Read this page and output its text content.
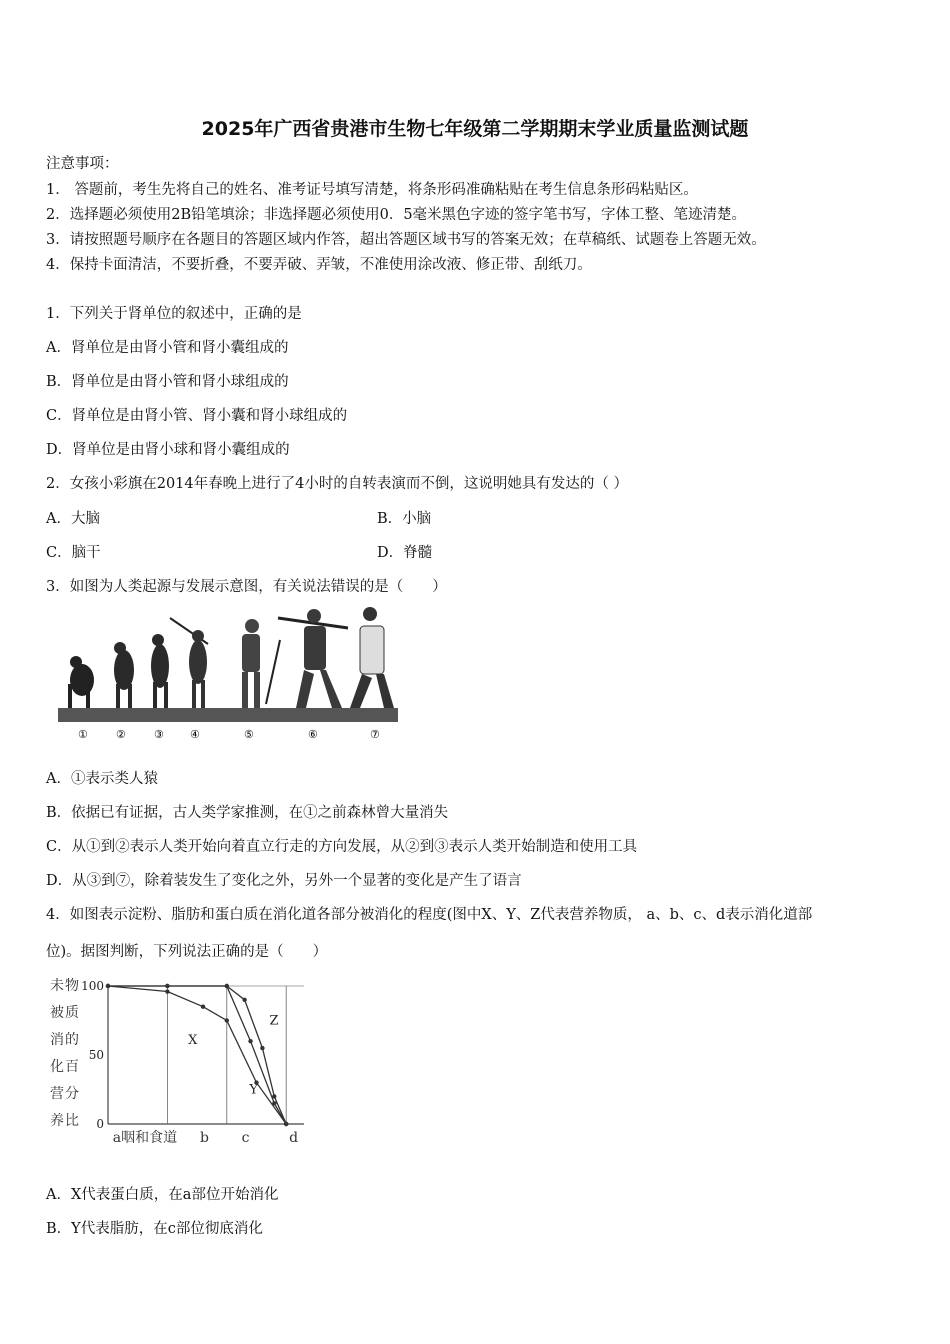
2025年广西省贵港市生物七年级第二学期期末学业质量监测试题
注意事项：
1． 答题前，考生先将自己的姓名、准考证号填写清楚，将条形码准确粘贴在考生信息条形码粘贴区。
2．选择题必须使用2B铅笔填涂；非选择题必须使用0．5毫米黑色字迹的签字笔书写，字体工整、笔迹清楚。
3．请按照题号顺序在各题目的答题区域内作答，超出答题区域书写的答案无效；在草稿纸、试题卷上答题无效。
4．保持卡面清洁，不要折叠，不要弄破、弄皱，不准使用涂改液、修正带、刮纸刀。
1．下列关于肾单位的叙述中，正确的是
A．肾单位是由肾小管和肾小囊组成的
B．肾单位是由肾小管和肾小球组成的
C．肾单位是由肾小管、肾小囊和肾小球组成的
D．肾单位是由肾小球和肾小囊组成的
2．女孩小彩旗在2014年春晚上进行了4小时的自转表演而不倒，这说明她具有发达的（ ）
A．大脑	B．小脑
C．脑干	D．脊髓
3．如图为人类起源与发展示意图，有关说法错误的是（　　）
①	②	③ ④	⑤	⑥	⑦
A．①表示类人猿
B．依据已有证据，古人类学家推测，在①之前森林曾大量消失
C．从①到②表示人类开始向着直立行走的方向发展，从②到③表示人类开始制造和使用工具
D．从③到⑦，除着装发生了变化之外，另外一个显著的变化是产生了语言
4．如图表示淀粉、脂肪和蛋白质在消化道各部分被消化的程度(图中X、Y、Z代表营养物质， a、b、c、d表示消化道部
位)。据图判断，下列说法正确的是（　　）
未 物
被 质
消 的
化 百
营 分
养 比
100
50
0
X
Y
Z
a咽和食道 b c	d
A．X代表蛋白质，在a部位开始消化
B．Y代表脂肪，在c部位彻底消化
